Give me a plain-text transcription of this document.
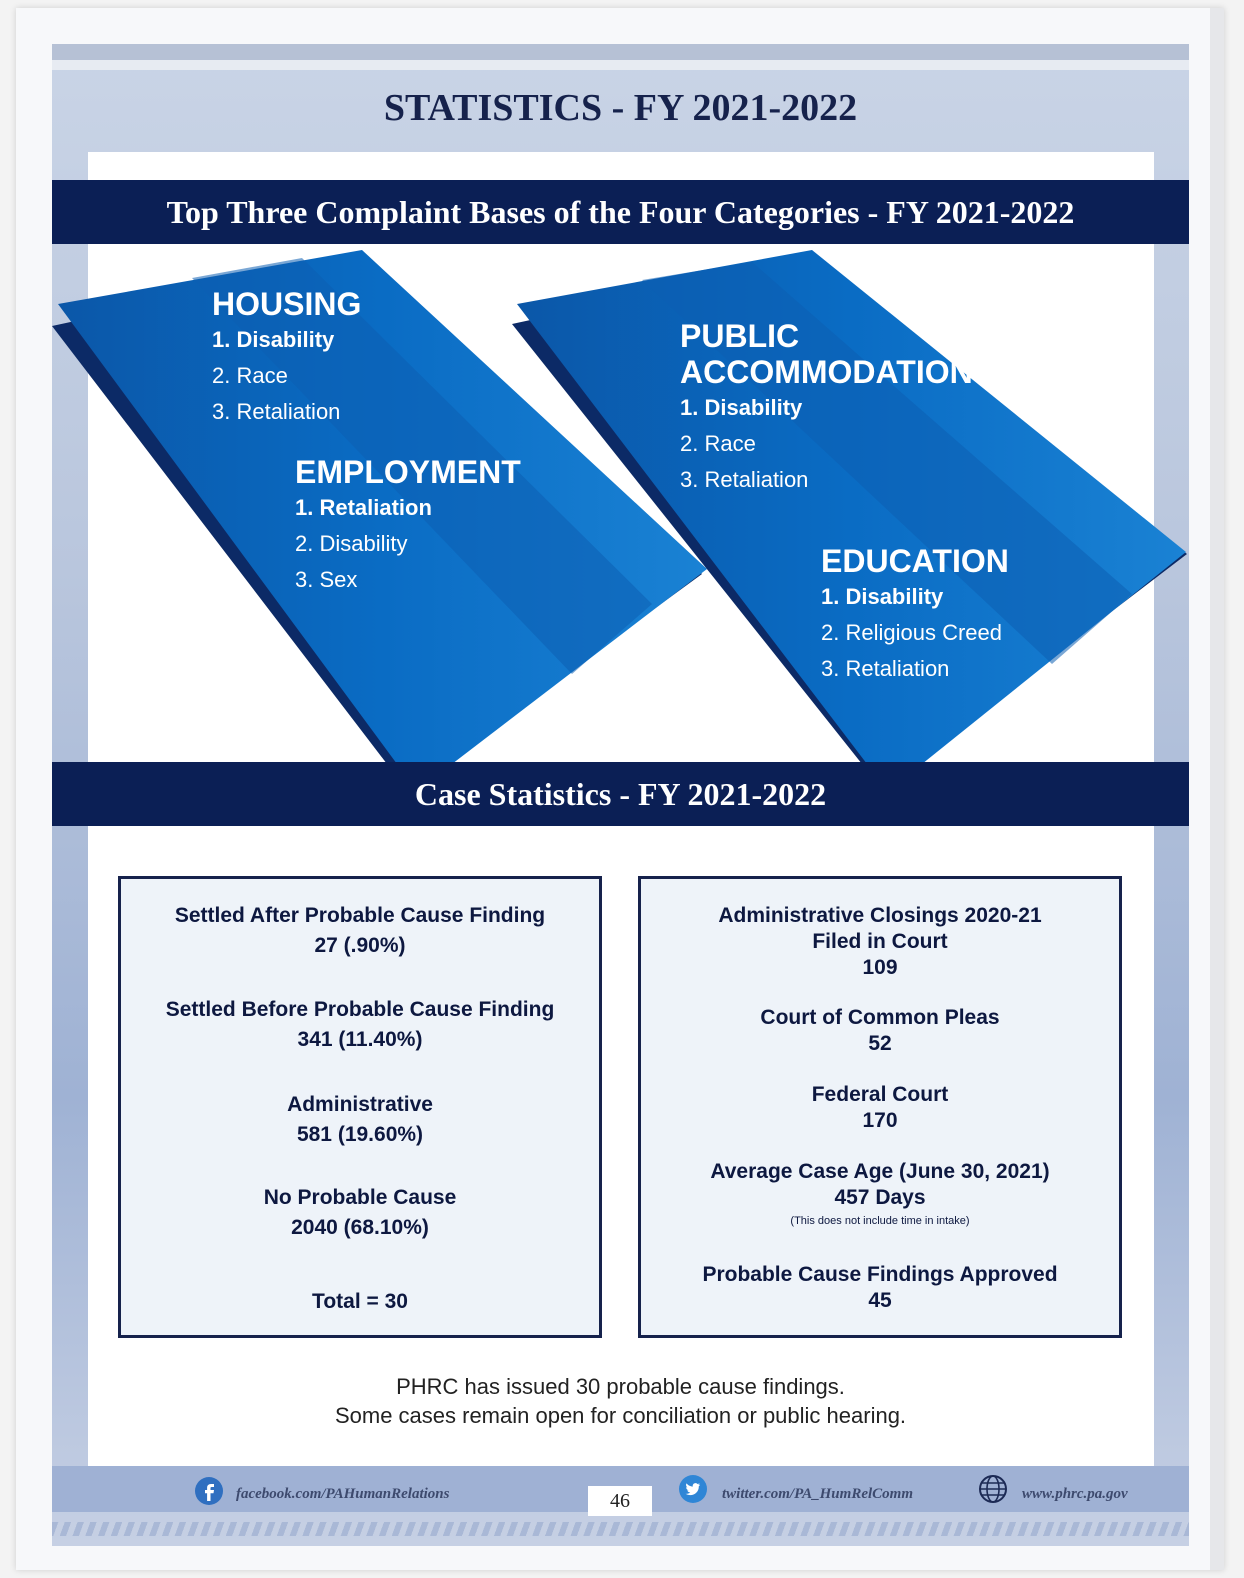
STATISTICS - FY 2021-2022
Top Three Complaint Bases of the Four Categories - FY 2021-2022
HOUSING
1. Disability
2. Race
3. Retaliation
EMPLOYMENT
1. Retaliation
2. Disability
3. Sex
PUBLIC
ACCOMMODATION
1. Disability
2. Race
3. Retaliation
EDUCATION
1. Disability
2. Religious Creed
3. Retaliation
Case Statistics - FY 2021-2022
Settled After Probable Cause Finding
27 (.90%)
Settled Before Probable Cause Finding
341 (11.40%)
Administrative
581 (19.60%)
No Probable Cause
2040 (68.10%)
Total = 30
Administrative Closings 2020-21
Filed in Court
109
Court of Common Pleas
52
Federal Court
170
Average Case Age (June 30, 2021)
457 Days
(This does not include time in intake)
Probable Cause Findings Approved
45
PHRC has issued 30 probable cause findings.
Some cases remain open for conciliation or public hearing.
facebook.com/PAHumanRelations	46	twitter.com/PA_HumRelComm	www.phrc.pa.gov
